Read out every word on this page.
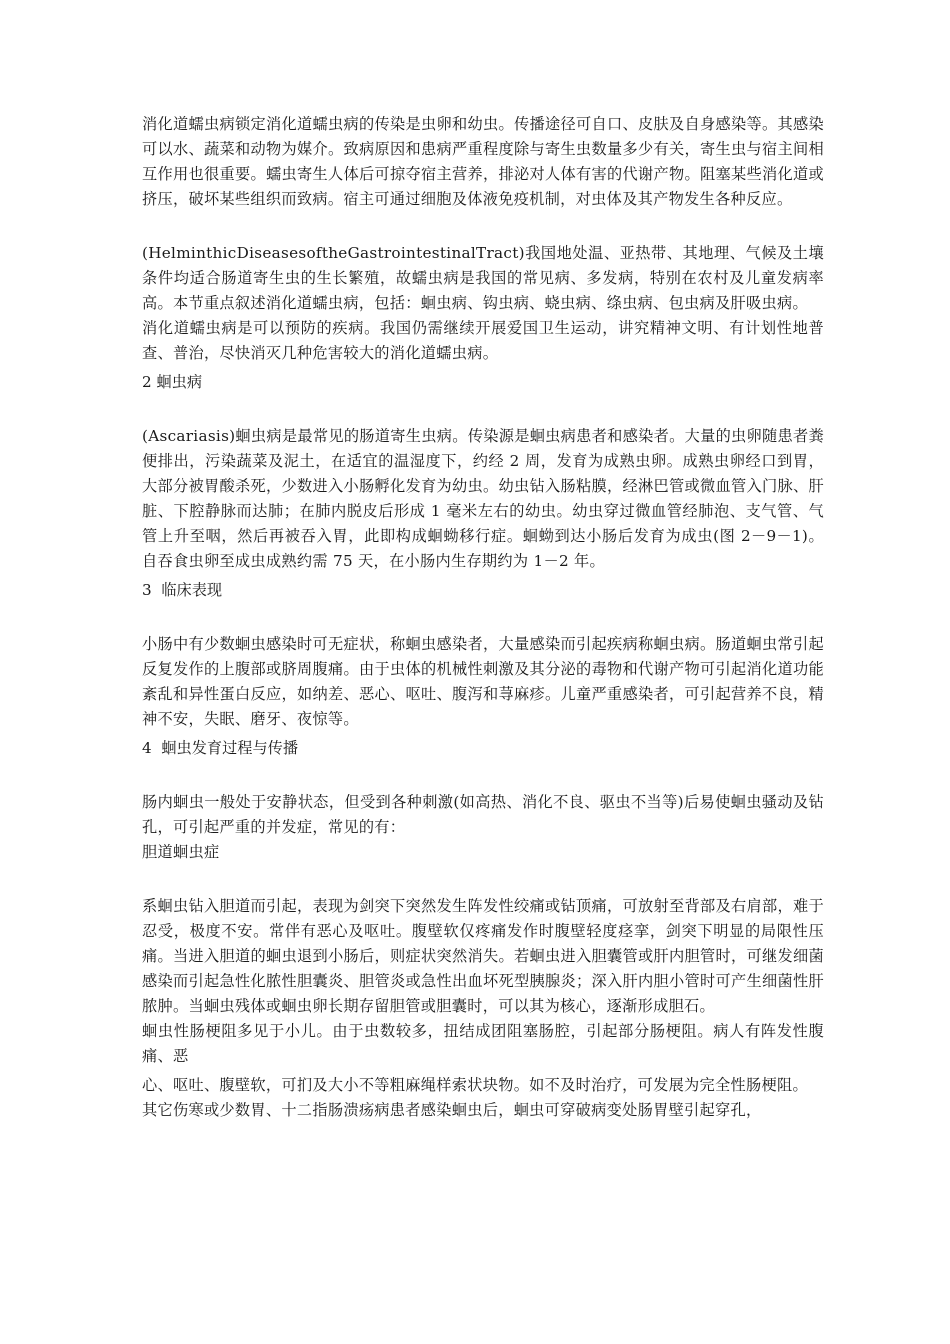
消化道蠕虫病锁定消化道蠕虫病的传染是虫卵和幼虫。传播途径可自口、皮肤及自身感染等。其感染可以水、蔬菜和动物为媒介。致病原因和患病严重程度除与寄生虫数量多少有关，寄生虫与宿主间相互作用也很重要。蠕虫寄生人体后可掠夺宿主营养，排泌对人体有害的代谢产物。阻塞某些消化道或挤压，破坏某些组织而致病。宿主可通过细胞及体液免疫机制，对虫体及其产物发生各种反应。

(HelminthicDiseasesoftheGastrointestinalTract)我国地处温、亚热带、其地理、气候及土壤条件均适合肠道寄生虫的生长繁殖，故蠕虫病是我国的常见病、多发病，特别在农村及儿童发病率高。本节重点叙述消化道蠕虫病，包括：蛔虫病、钩虫病、蛲虫病、绦虫病、包虫病及肝吸虫病。

消化道蠕虫病是可以预防的疾病。我国仍需继续开展爱国卫生运动，讲究精神文明、有计划性地普查、普治，尽快消灭几种危害较大的消化道蠕虫病。

2 蛔虫病

(Ascariasis)蛔虫病是最常见的肠道寄生虫病。传染源是蛔虫病患者和感染者。大量的虫卵随患者粪便排出，污染蔬菜及泥土，在适宜的温湿度下，约经 2 周，发育为成熟虫卵。成熟虫卵经口到胃，大部分被胃酸杀死，少数进入小肠孵化发育为幼虫。幼虫钻入肠粘膜，经淋巴管或微血管入门脉、肝脏、下腔静脉而达肺；在肺内脱皮后形成 1 毫米左右的幼虫。幼虫穿过微血管经肺泡、支气管、气管上升至咽，然后再被吞入胃，此即构成蛔蚴移行症。蛔蚴到达小肠后发育为成虫(图 2－9－1)。自吞食虫卵至成虫成熟约需 75 天，在小肠内生存期约为 1－2 年。

3  临床表现

小肠中有少数蛔虫感染时可无症状，称蛔虫感染者，大量感染而引起疾病称蛔虫病。肠道蛔虫常引起反复发作的上腹部或脐周腹痛。由于虫体的机械性刺激及其分泌的毒物和代谢产物可引起消化道功能紊乱和异性蛋白反应，如纳差、恶心、呕吐、腹泻和荨麻疹。儿童严重感染者，可引起营养不良，精神不安，失眠、磨牙、夜惊等。

4  蛔虫发育过程与传播

肠内蛔虫一般处于安静状态，但受到各种刺激(如高热、消化不良、驱虫不当等)后易使蛔虫骚动及钻孔，可引起严重的并发症，常见的有：

胆道蛔虫症

系蛔虫钻入胆道而引起，表现为剑突下突然发生阵发性绞痛或钻顶痛，可放射至背部及右肩部，难于忍受，极度不安。常伴有恶心及呕吐。腹壁软仅疼痛发作时腹壁轻度痉挛，剑突下明显的局限性压痛。当进入胆道的蛔虫退到小肠后，则症状突然消失。若蛔虫进入胆囊管或肝内胆管时，可继发细菌感染而引起急性化脓性胆囊炎、胆管炎或急性出血坏死型胰腺炎；深入肝内胆小管时可产生细菌性肝脓肿。当蛔虫残体或蛔虫卵长期存留胆管或胆囊时，可以其为核心，逐渐形成胆石。

蛔虫性肠梗阻多见于小儿。由于虫数较多，扭结成团阻塞肠腔，引起部分肠梗阻。病人有阵发性腹痛、恶

心、呕吐、腹壁软，可扪及大小不等粗麻绳样索状块物。如不及时治疗，可发展为完全性肠梗阻。

其它伤寒或少数胃、十二指肠溃疡病患者感染蛔虫后，蛔虫可穿破病变处肠胃壁引起穿孔，
